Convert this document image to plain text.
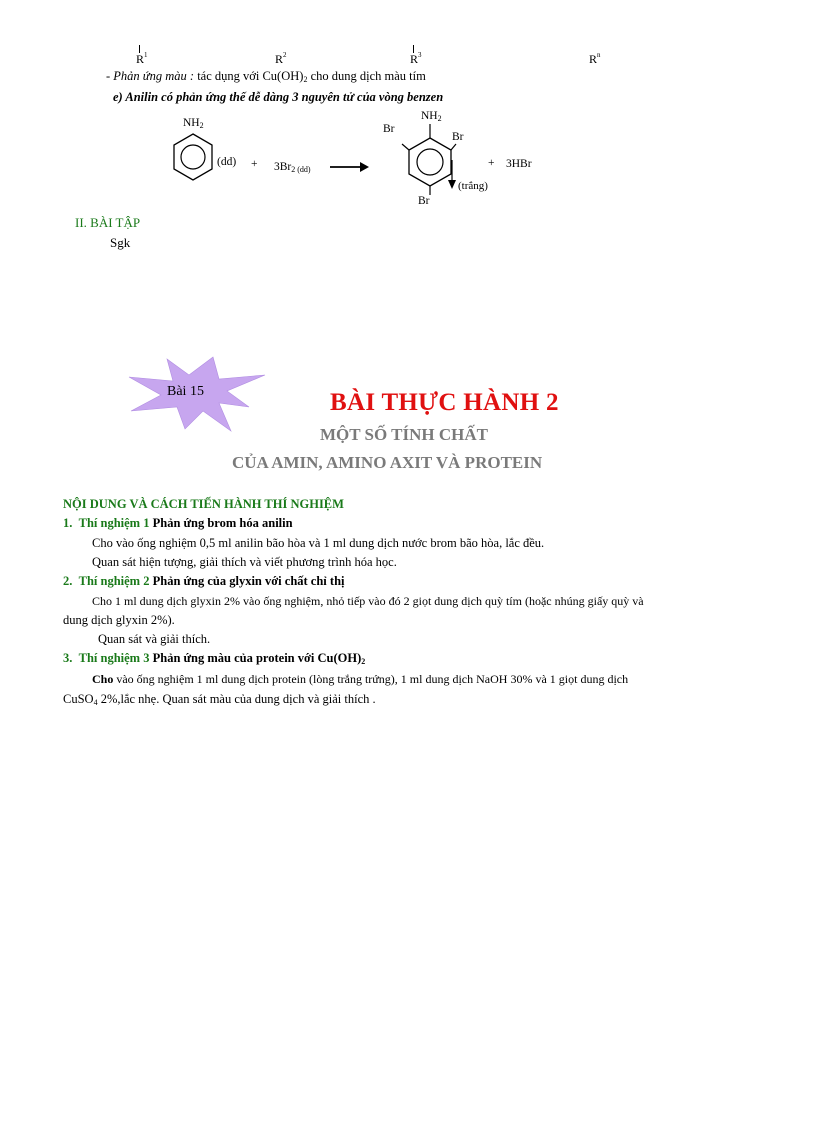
$R^1$	$R^2$	$R^3$	$R^n$
- Phản ứng màu : tác dụng với $Cu(OH)_2$ cho dung dịch màu tím
e) Anilin có phản ứng thế dễ dàng 3 nguyên tử của vòng benzen
$NH_2$
$(dd) + 3Br_{2 (dd)}$ →
$NH_2$
Br
Br
Br
(trắng)
+ 3HBr
II. BÀI TẬP
Sgk
Bài 15	BÀI THỰC HÀNH 2
MỘT SỐ TÍNH CHẤT
CỦA AMIN, AMINO AXIT VÀ PROTEIN
NỘI DUNG VÀ CÁCH TIẾN HÀNH THÍ NGHIỆM
1. Thí nghiệm 1 Phản ứng brom hóa anilin
Cho vào ống nghiệm 0,5 ml anilin bão hòa và 1 ml dung dịch nước brom bão hòa, lắc đều.
Quan sát hiện tượng, giải thích và viết phương trình hóa học.
2. Thí nghiệm 2 Phản ứng của glyxin với chất chỉ thị
Cho 1 ml dung dịch glyxin 2% vào ống nghiệm, nhỏ tiếp vào đó 2 giọt dung dịch quỳ tím (hoặc nhúng giấy quỳ và
dung dịch glyxin 2%).
Quan sát và giải thích.
3. Thí nghiệm 3 Phản ứng màu của protein với $Cu(OH)_2$
Cho vào ống nghiệm 1 ml dung dịch protein (lòng trắng trứng), 1 ml dung dịch NaOH 30% và 1 giọt dung dịch
CuSO$_4$ 2%,lắc nhẹ. Quan sát màu của dung dịch và giải thích .
